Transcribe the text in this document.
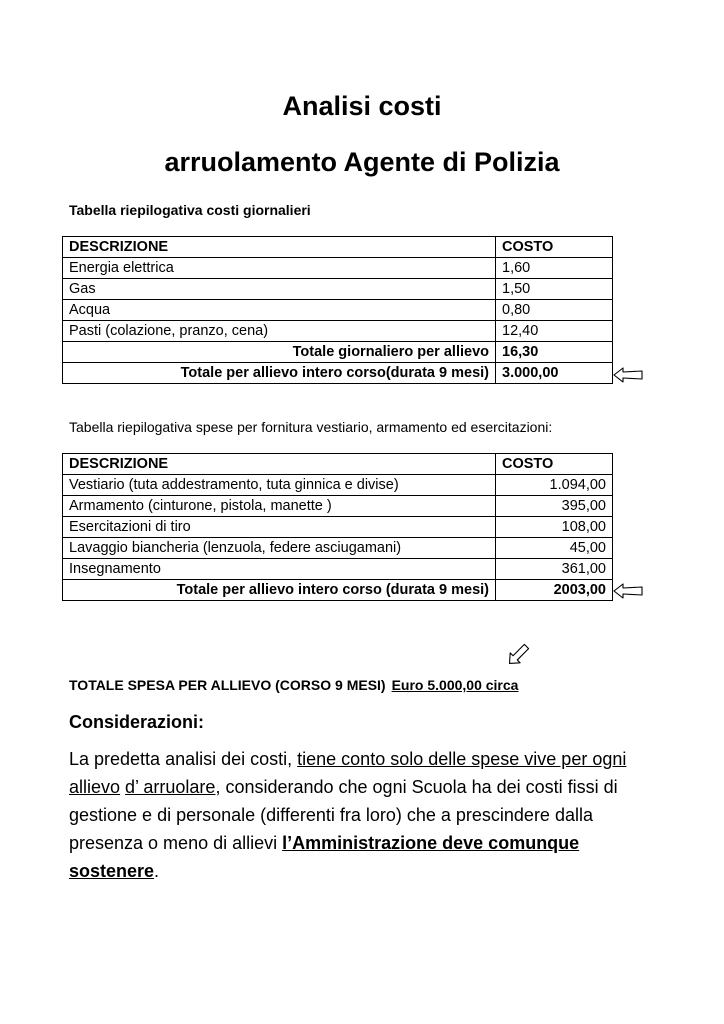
Analisi costi
arruolamento Agente di Polizia
Tabella riepilogativa costi giornalieri
DESCRIZIONE	COSTO
Energia elettrica	1,60
Gas	1,50
Acqua	0,80
Pasti (colazione, pranzo, cena)	12,40
Totale giornaliero per allievo	16,30
Totale per allievo intero corso(durata 9 mesi)	3.000,00
Tabella riepilogativa spese per fornitura vestiario, armamento ed esercitazioni:
DESCRIZIONE	COSTO
Vestiario (tuta addestramento, tuta ginnica e divise)	1.094,00
Armamento (cinturone, pistola, manette )	395,00
Esercitazioni di tiro	108,00
Lavaggio biancheria (lenzuola, federe asciugamani)	45,00
Insegnamento	361,00
Totale per allievo intero corso (durata 9 mesi)	2003,00
TOTALE SPESA PER ALLIEVO (CORSO 9 MESI) Euro 5.000,00 circa
Considerazioni:
La predetta analisi dei costi, tiene conto solo delle spese vive per ogni allievo d’ arruolare, considerando che ogni Scuola ha dei costi fissi di gestione e di personale (differenti fra loro) che a prescindere dalla presenza o meno di allievi l’Amministrazione deve comunque sostenere.
